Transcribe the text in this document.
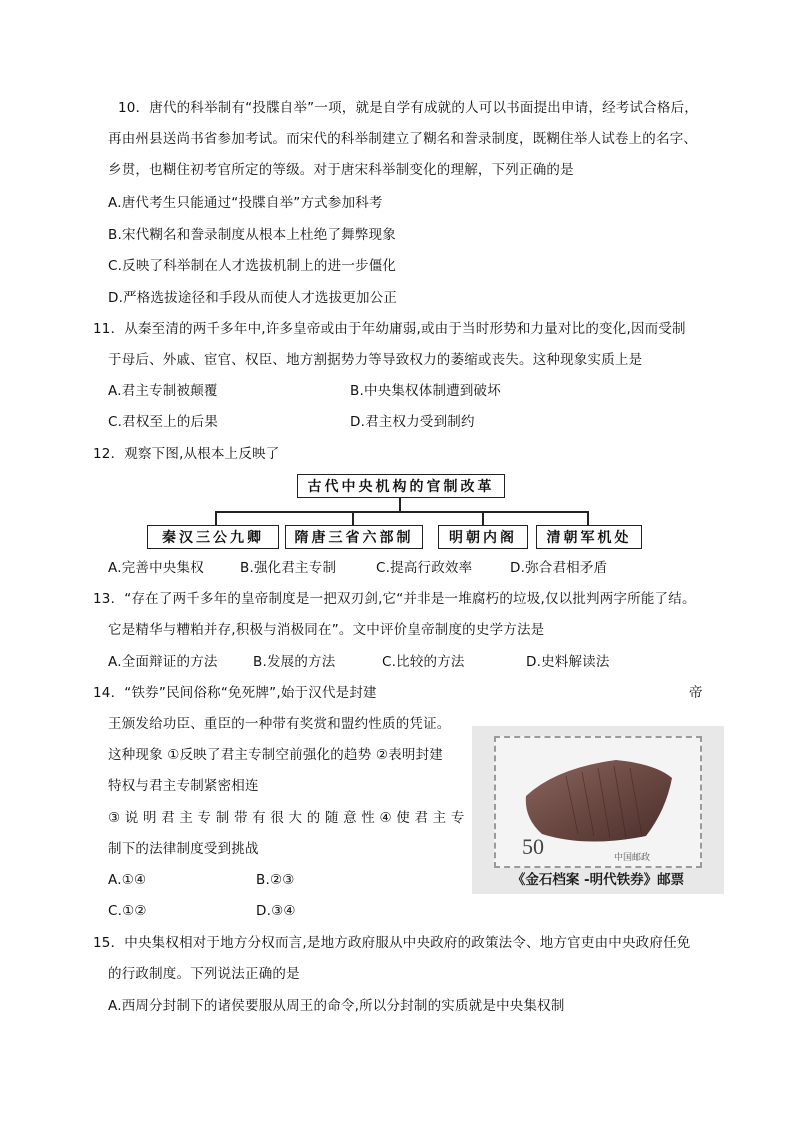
10．唐代的科举制有“投牒自举”一项，就是自学有成就的人可以书面提出申请，经考试合格后，
再由州县送尚书省参加考试。而宋代的科举制建立了糊名和誊录制度，既糊住举人试卷上的名字、
乡贯，也糊住初考官所定的等级。对于唐宋科举制变化的理解，下列正确的是
A.唐代考生只能通过“投牒自举”方式参加科考
B.宋代糊名和誊录制度从根本上杜绝了舞弊现象
C.反映了科举制在人才选拔机制上的进一步僵化
D.严格选拔途径和手段从而使人才选拔更加公正
11．从秦至清的两千多年中,许多皇帝或由于年幼庸弱,或由于当时形势和力量对比的变化,因而受制
于母后、外戚、宦官、权臣、地方割据势力等导致权力的萎缩或丧失。这种现象实质上是
A.君主专制被颠覆	B.中央集权体制遭到破坏
C.君权至上的后果	D.君主权力受到制约
12．观察下图,从根本上反映了
古代中央机构的官制改革
秦汉三公九卿	隋唐三省六部制	明朝内阁	清朝军机处
A.完善中央集权	B.强化君主专制	C.提高行政效率	D.弥合君相矛盾
13．“存在了两千多年的皇帝制度是一把双刃剑,它“并非是一堆腐朽的垃圾,仅以批判两字所能了结。
它是精华与糟粕并存,积极与消极同在”。文中评价皇帝制度的史学方法是
A.全面辩证的方法	B.发展的方法	C.比较的方法	D.史料解读法
14．“铁券”民间俗称“免死牌”,始于汉代是封建	帝
王颁发给功臣、重臣的一种带有奖赏和盟约性质的凭证。
这种现象 ①反映了君主专制空前强化的趋势 ②表明封建
特权与君主专制紧密相连
③ 说 明 君 主 专 制 带 有 很 大 的 随 意 性 ④ 使 君 主 专
制下的法律制度受到挑战
A.①④	B.②③
C.①②	D.③④
50	中国邮政
《金石档案 -明代铁券》邮票
15．中央集权相对于地方分权而言,是地方政府服从中央政府的政策法令、地方官吏由中央政府任免
的行政制度。下列说法正确的是
A.西周分封制下的诸侯要服从周王的命令,所以分封制的实质就是中央集权制
